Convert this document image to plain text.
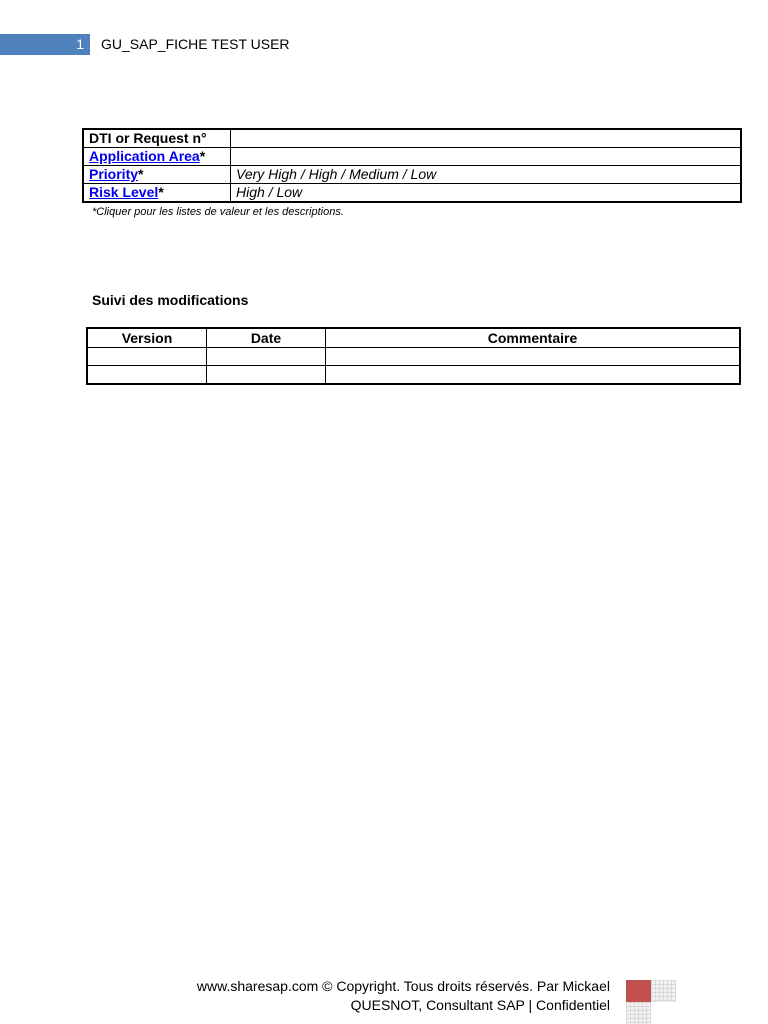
1 GU_SAP_FICHE TEST USER
DTI or Request n°	
Application Area*	
Priority*	Very High / High / Medium / Low
Risk Level*	High / Low
*Cliquer pour les listes de valeur et les descriptions.
Suivi des modifications
Version	Date	Commentaire

www.sharesap.com © Copyright. Tous droits réservés. Par Mickael
QUESNOT, Consultant SAP | Confidentiel
